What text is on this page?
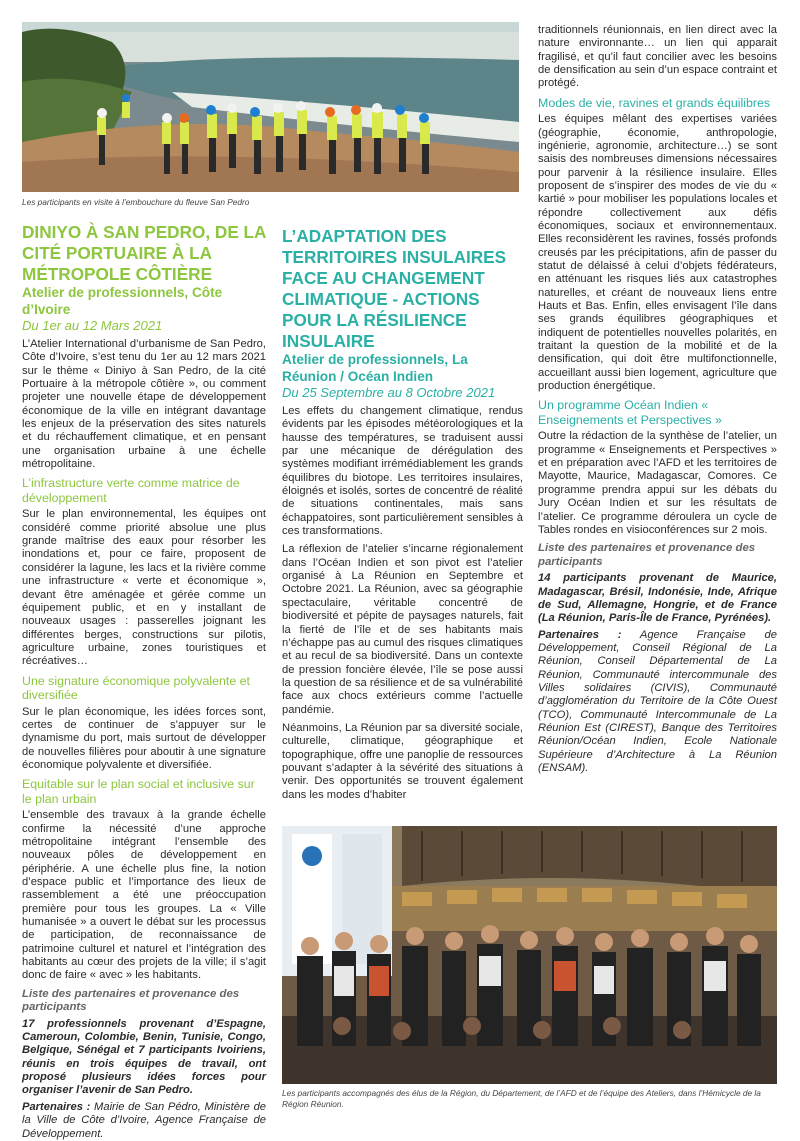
Les participants en visite à l’embouchure du fleuve San Pedro
DINIYO À SAN PEDRO, DE LA CITÉ PORTUAIRE À LA MÉTROPOLE CÔTIÈRE
Atelier de professionnels, Côte d’Ivoire
Du 1er au 12 Mars 2021

L’Atelier International d’urbanisme de San Pedro, Côte d’Ivoire, s’est tenu du 1er au 12 mars 2021 sur le thème « Diniyo à San Pedro, de la cité Portuaire à la métropole côtière », ou comment projeter une nouvelle étape de développement économique de la ville en intégrant davantage les enjeux de la préservation des sites naturels et du réchauffement climatique, et en pensant une organisation urbaine à une échelle métropolitaine.

L’infrastructure verte comme matrice de développement

Sur le plan environnemental, les équipes ont considéré comme priorité absolue une plus grande maîtrise des eaux pour résorber les inondations et, pour ce faire, proposent de considérer la lagune, les lacs et la rivière comme une infrastructure « verte et économique », devant être aménagée et gérée comme un équipement public, et en y installant de nouveaux usages : passerelles joignant les différentes berges, constructions sur pilotis, agriculture urbaine, zones touristiques et récréatives…

Une signature économique polyvalente et diversifiée

Sur le plan économique, les idées forces sont, certes de continuer de s’appuyer sur le dynamisme du port, mais surtout de développer de nouvelles filières pour aboutir à une signature économique polyvalente et diversifiée.

Equitable sur le plan social et inclusive sur le plan urbain

L’ensemble des travaux à la grande échelle confirme la nécessité d’une approche métropolitaine intégrant l’ensemble des nouveaux pôles de développement en périphérie. A une échelle plus fine, la notion d’espace public et l’importance des lieux de rassemblement a été une préoccupation première pour tous les groupes. La « Ville humanisée » a ouvert le débat sur les processus de participation, de reconnaissance de patrimoine culturel et naturel et l’intégration des habitants au cœur des projets de la ville; il s’agit donc de faire « avec » les habitants.

Liste des partenaires et provenance des participants

17 professionnels provenant d’Espagne, Cameroun, Colombie, Benin, Tunisie, Congo, Belgique, Sénégal et 7 participants Ivoiriens, réunis en trois équipes de travail, ont proposé plusieurs idées forces pour organiser l’avenir de San Pedro.

Partenaires : Mairie de San Pédro, Ministère de la Ville de Côte d’Ivoire, Agence Française de Développement.

L’ADAPTATION DES TERRITOIRES INSULAIRES FACE AU CHANGEMENT CLIMATIQUE - ACTIONS POUR LA RÉSILIENCE INSULAIRE
Atelier de professionnels, La Réunion / Océan Indien
Du 25 Septembre au 8 Octobre 2021

Les effets du changement climatique, rendus évidents par les épisodes météorologiques et la hausse des températures, se traduisent aussi par une mécanique de dérégulation des systèmes modifiant irrémédiablement les grands équilibres du biotope. Les territoires insulaires, éloignés et isolés, sortes de concentré de réalité de situations continentales, mais sans échappatoires, sont particulièrement sensibles à ces transformations.

La réflexion de l’atelier s’incarne régionalement dans l’Océan Indien et son pivot est l’atelier organisé à La Réunion en Septembre et Octobre 2021. La Réunion, avec sa géographie spectaculaire, véritable concentré de biodiversité et pépite de paysages naturels, fait la fierté de l’île et de ses habitants mais n’échappe pas au cumul des risques climatiques et au recul de sa biodiversité. Dans un contexte de pression foncière élevée, l’île se pose aussi la question de sa résilience et de sa vulnérabilité face aux chocs extérieurs comme l’actuelle pandémie.

Néanmoins, La Réunion par sa diversité sociale, culturelle, climatique, géographique et topographique, offre une panoplie de ressources pouvant s’adapter à la sévérité des situations à venir. Des opportunités se trouvent également dans les modes d’habiter

traditionnels réunionnais, en lien direct avec la nature environnante… un lien qui apparait fragilisé, et qu’il faut concilier avec les besoins de densification au sein d’un espace contraint et protégé.

Modes de vie, ravines et grands équilibres

Les équipes mêlant des expertises variées (géographie, économie, anthropologie, ingénierie, agronomie, architecture…) se sont saisis des nombreuses dimensions nécessaires pour parvenir à la résilience insulaire. Elles proposent de s’inspirer des modes de vie du « kartié » pour mobiliser les populations locales et répondre collectivement aux défis économiques, sociaux et environnementaux. Elles reconsidèrent les ravines, fossés profonds creusés par les précipitations, afin de passer du statut de délaissé à celui d’objets fédérateurs, en atténuant les risques liés aux catastrophes naturelles, et créant de nouveaux liens entre Hauts et Bas. Enfin, elles envisagent l’île dans ses grands équilibres géographiques et indiquent de potentielles nouvelles polarités, en traitant la question de la mobilité et de la densification, qui doit être multifonctionnelle, accueillant aussi bien logement, agriculture que production énergétique.

Un programme Océan Indien « Enseignements et Perspectives »

Outre la rédaction de la synthèse de l’atelier, un programme « Enseignements et Perspectives » et en préparation avec l’AFD et les territoires de Mayotte, Maurice, Madagascar, Comores. Ce programme prendra appui sur les débats du Jury Océan Indien et sur les résultats de l’atelier. Ce programme déroulera un cycle de Tables rondes en visioconférences sur 2 mois.

Liste des partenaires et provenance des participants

14 participants provenant de Maurice, Madagascar, Brésil, Indonésie, Inde, Afrique de Sud, Allemagne, Hongrie, et de France (La Réunion, Paris-Île de France, Pyrénées).

Partenaires : Agence Française de Développement, Conseil Régional de La Réunion, Conseil Départemental de La Réunion, Communauté intercommunale des Villes solidaires (CIVIS), Communauté d’agglomération du Territoire de la Côte Ouest (TCO), Communauté Intercommunale de La Réunion Est (CIREST), Banque des Territoires Réunion/Océan Indien, Ecole Nationale Supérieure d’Architecture à La Réunion (ENSAM).

Les participants accompagnés des élus de la Région, du Département, de l’AFD et de l’équipe des Ateliers, dans l’Hémicycle de la Région Réunion.
